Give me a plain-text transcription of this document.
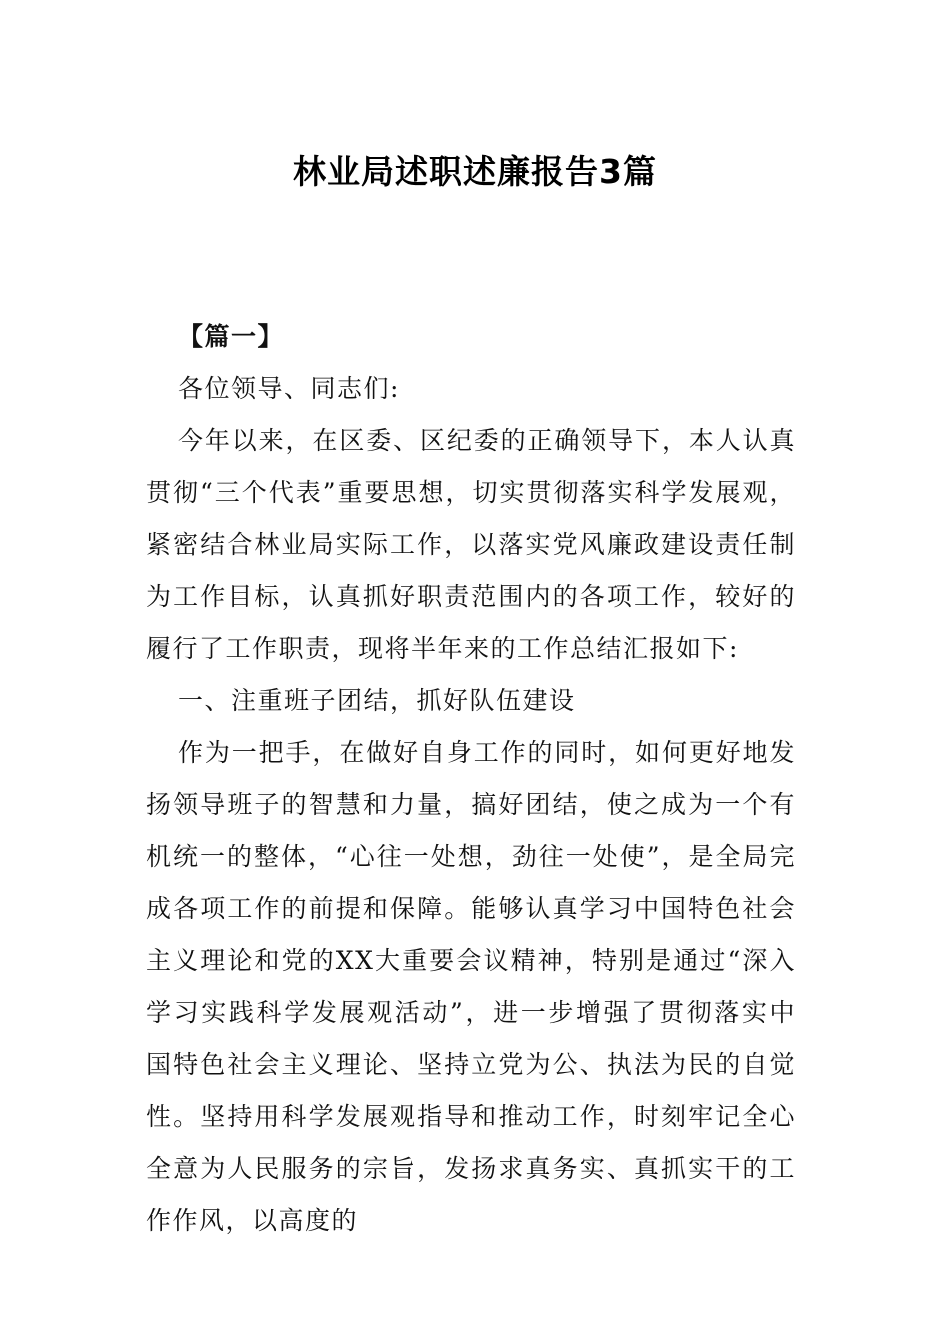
林业局述职述廉报告3篇

【篇一】

各位领导、同志们:

今年以来，在区委、区纪委的正确领导下，本人认真贯彻“三个代表”重要思想，切实贯彻落实科学发展观，紧密结合林业局实际工作，以落实党风廉政建设责任制为工作目标，认真抓好职责范围内的各项工作，较好的履行了工作职责，现将半年来的工作总结汇报如下:

一、注重班子团结，抓好队伍建设

作为一把手，在做好自身工作的同时，如何更好地发扬领导班子的智慧和力量，搞好团结，使之成为一个有机统一的整体，“心往一处想，劲往一处使”，是全局完成各项工作的前提和保障。能够认真学习中国特色社会主义理论和党的XX大重要会议精神，特别是通过“深入学习实践科学发展观活动”，进一步增强了贯彻落实中国特色社会主义理论、坚持立党为公、执法为民的自觉性。坚持用科学发展观指导和推动工作，时刻牢记全心全意为人民服务的宗旨，发扬求真务实、真抓实干的工作作风，以高度的
